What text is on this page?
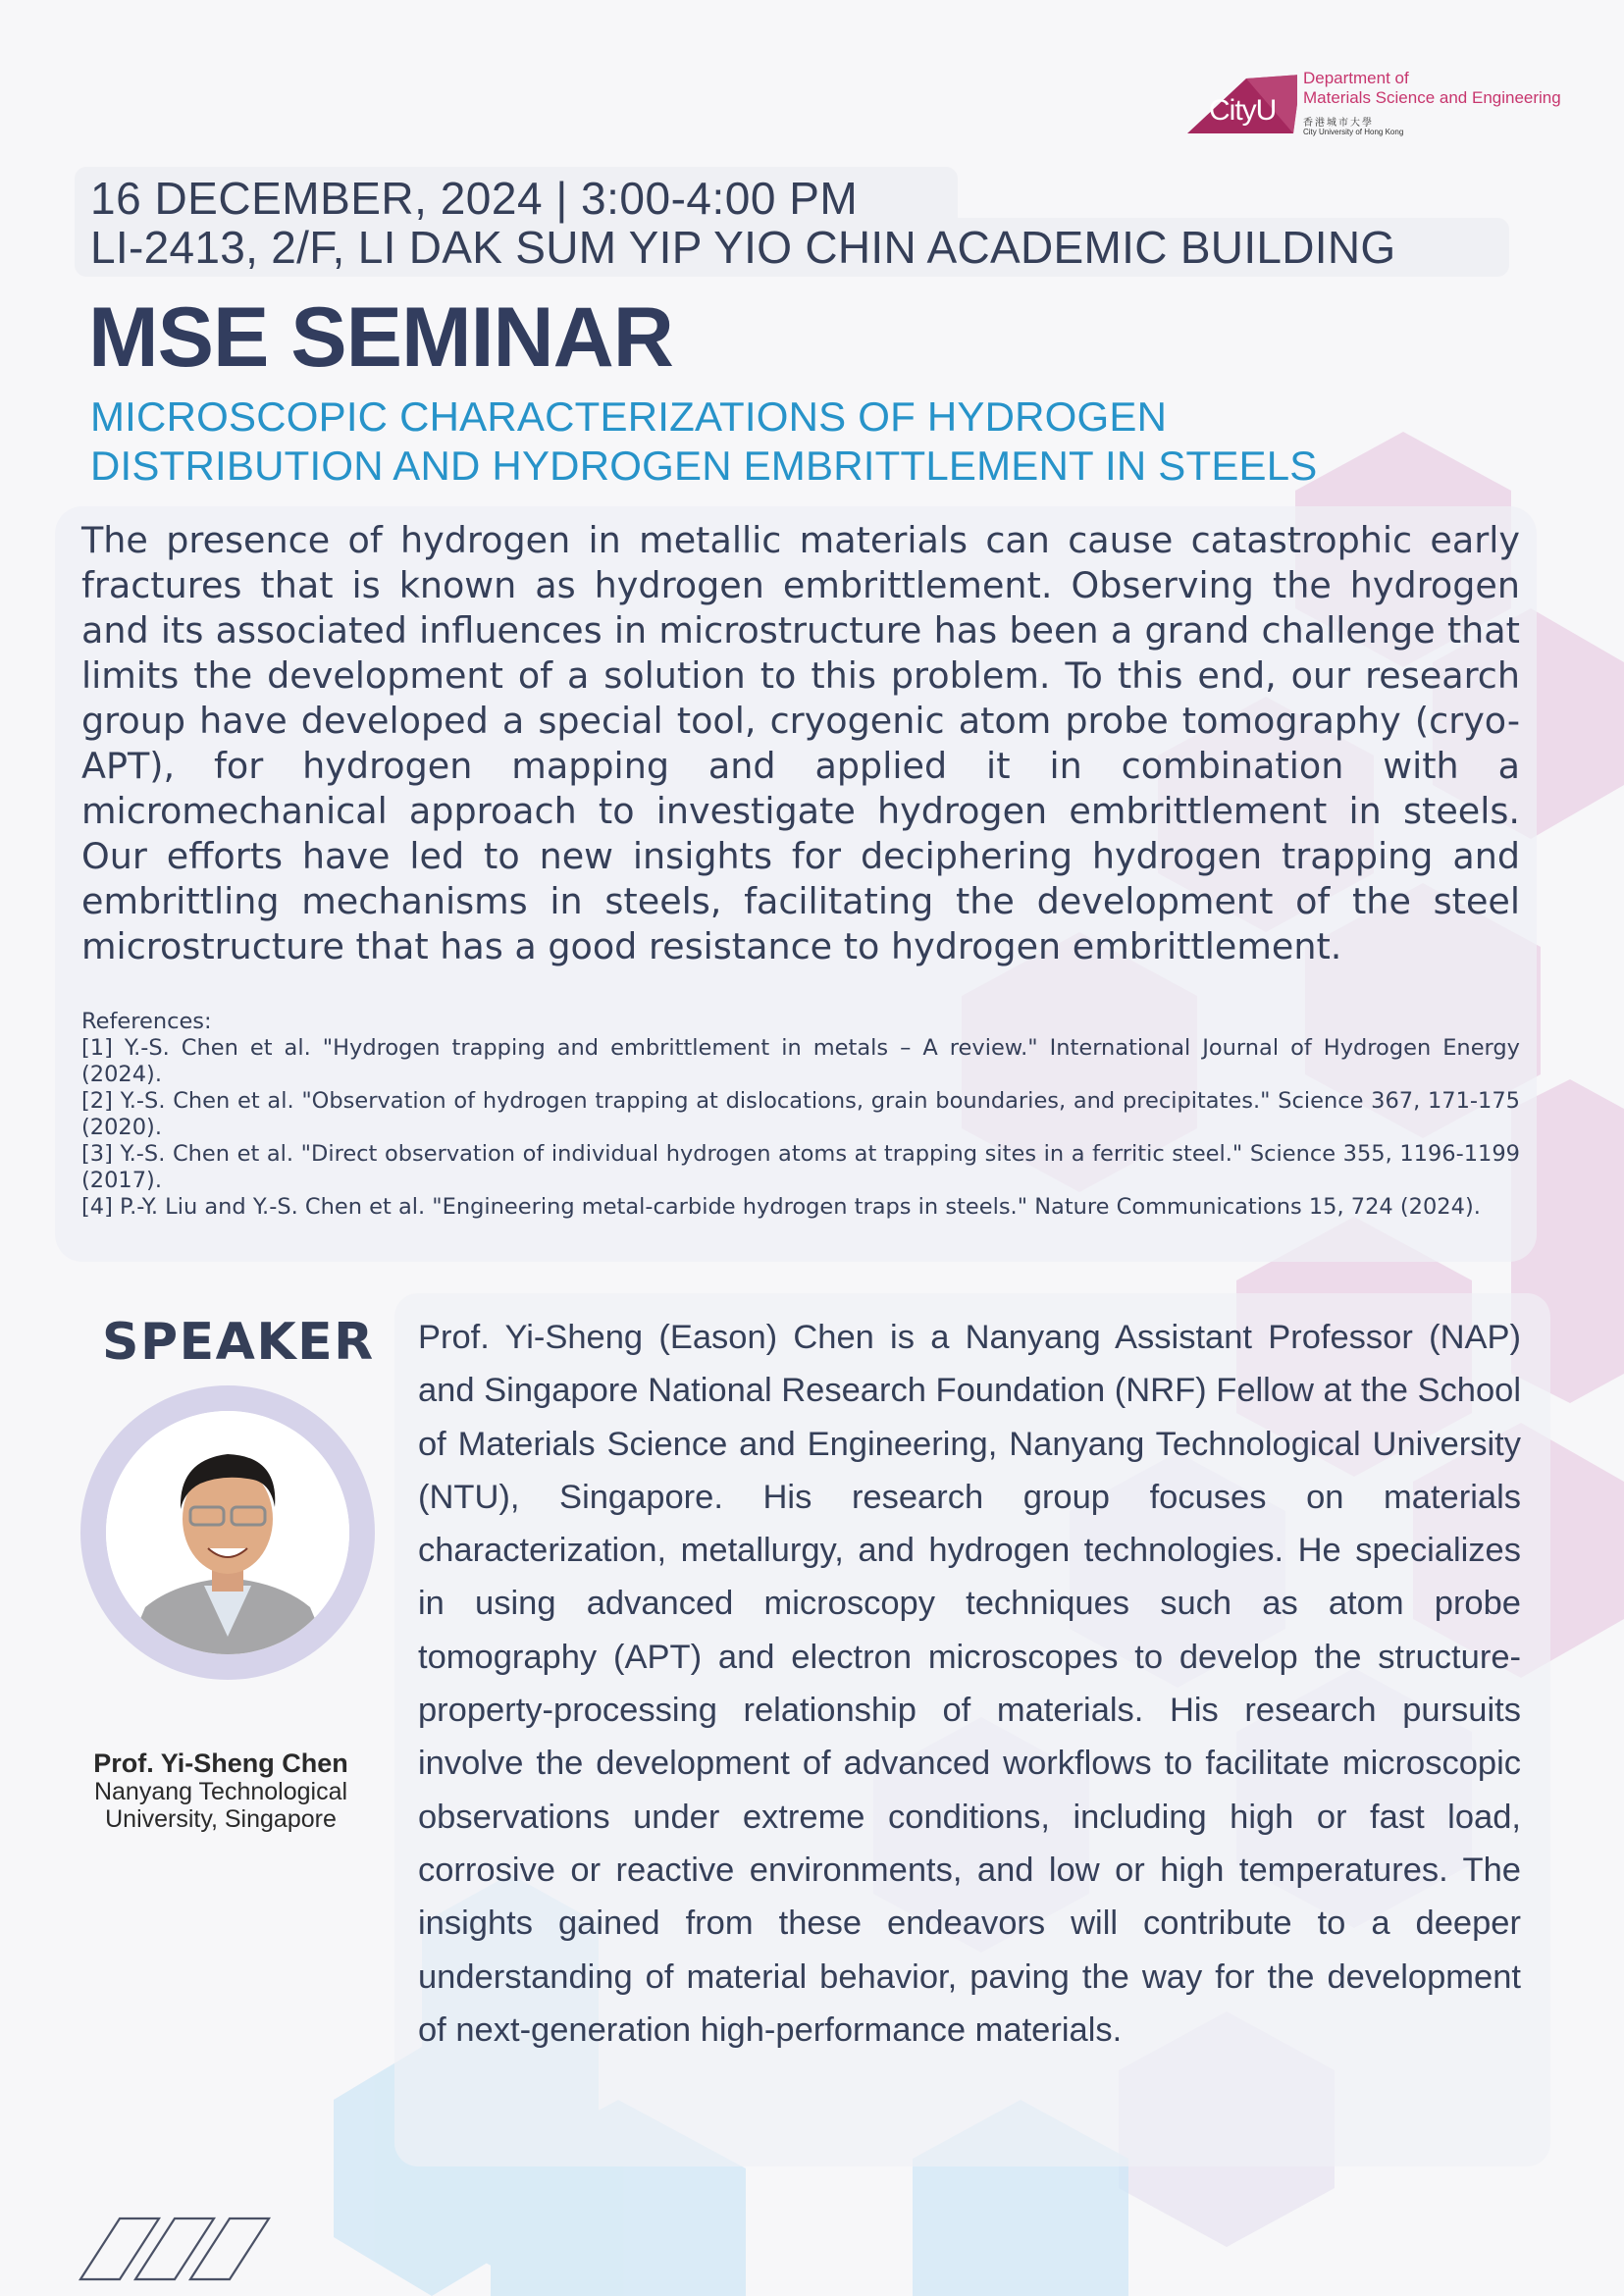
CityU
Department of
Materials Science and Engineering
香港城市大學
City University of Hong Kong
16 DECEMBER, 2024 | 3:00-4:00 PM
LI-2413, 2/F, LI DAK SUM YIP YIO CHIN ACADEMIC BUILDING
MSE SEMINAR
MICROSCOPIC CHARACTERIZATIONS OF HYDROGEN
DISTRIBUTION AND HYDROGEN EMBRITTLEMENT IN STEELS
The presence of hydrogen in metallic materials can cause catastrophic early fractures that is known as hydrogen embrittlement. Observing the hydrogen and its associated influences in microstructure has been a grand challenge that limits the development of a solution to this problem. To this end, our research group have developed a special tool, cryogenic atom probe tomography (cryo-APT), for hydrogen mapping and applied it in combination with a micromechanical approach to investigate hydrogen embrittlement in steels. Our efforts have led to new insights for deciphering hydrogen trapping and embrittling mechanisms in steels, facilitating the development of the steel microstructure that has a good resistance to hydrogen embrittlement.

References:

[1] Y.-S. Chen et al. "Hydrogen trapping and embrittlement in metals – A review." International Journal of Hydrogen Energy (2024).

[2] Y.-S. Chen et al. "Observation of hydrogen trapping at dislocations, grain boundaries, and precipitates." Science 367, 171-175 (2020).

[3] Y.-S. Chen et al. "Direct observation of individual hydrogen atoms at trapping sites in a ferritic steel." Science 355, 1196-1199 (2017).

[4] P.-Y. Liu and Y.-S. Chen et al. "Engineering metal-carbide hydrogen traps in steels." Nature Communications 15, 724 (2024).

SPEAKER
Prof. Yi-Sheng Chen
Nanyang Technological
University, Singapore
Prof. Yi-Sheng (Eason) Chen is a Nanyang Assistant Professor (NAP) and Singapore National Research Foundation (NRF) Fellow at the School of Materials Science and Engineering, Nanyang Technological University (NTU), Singapore. His research group focuses on materials characterization, metallurgy, and hydrogen technologies. He specializes in using advanced microscopy techniques such as atom probe tomography (APT) and electron microscopes to develop the structure-property-processing relationship of materials. His research pursuits involve the development of advanced workflows to facilitate microscopic observations under extreme conditions, including high or fast load, corrosive or reactive environments, and low or high temperatures. The insights gained from these endeavors will contribute to a deeper understanding of material behavior, paving the way for the development of next-generation high-performance materials.
